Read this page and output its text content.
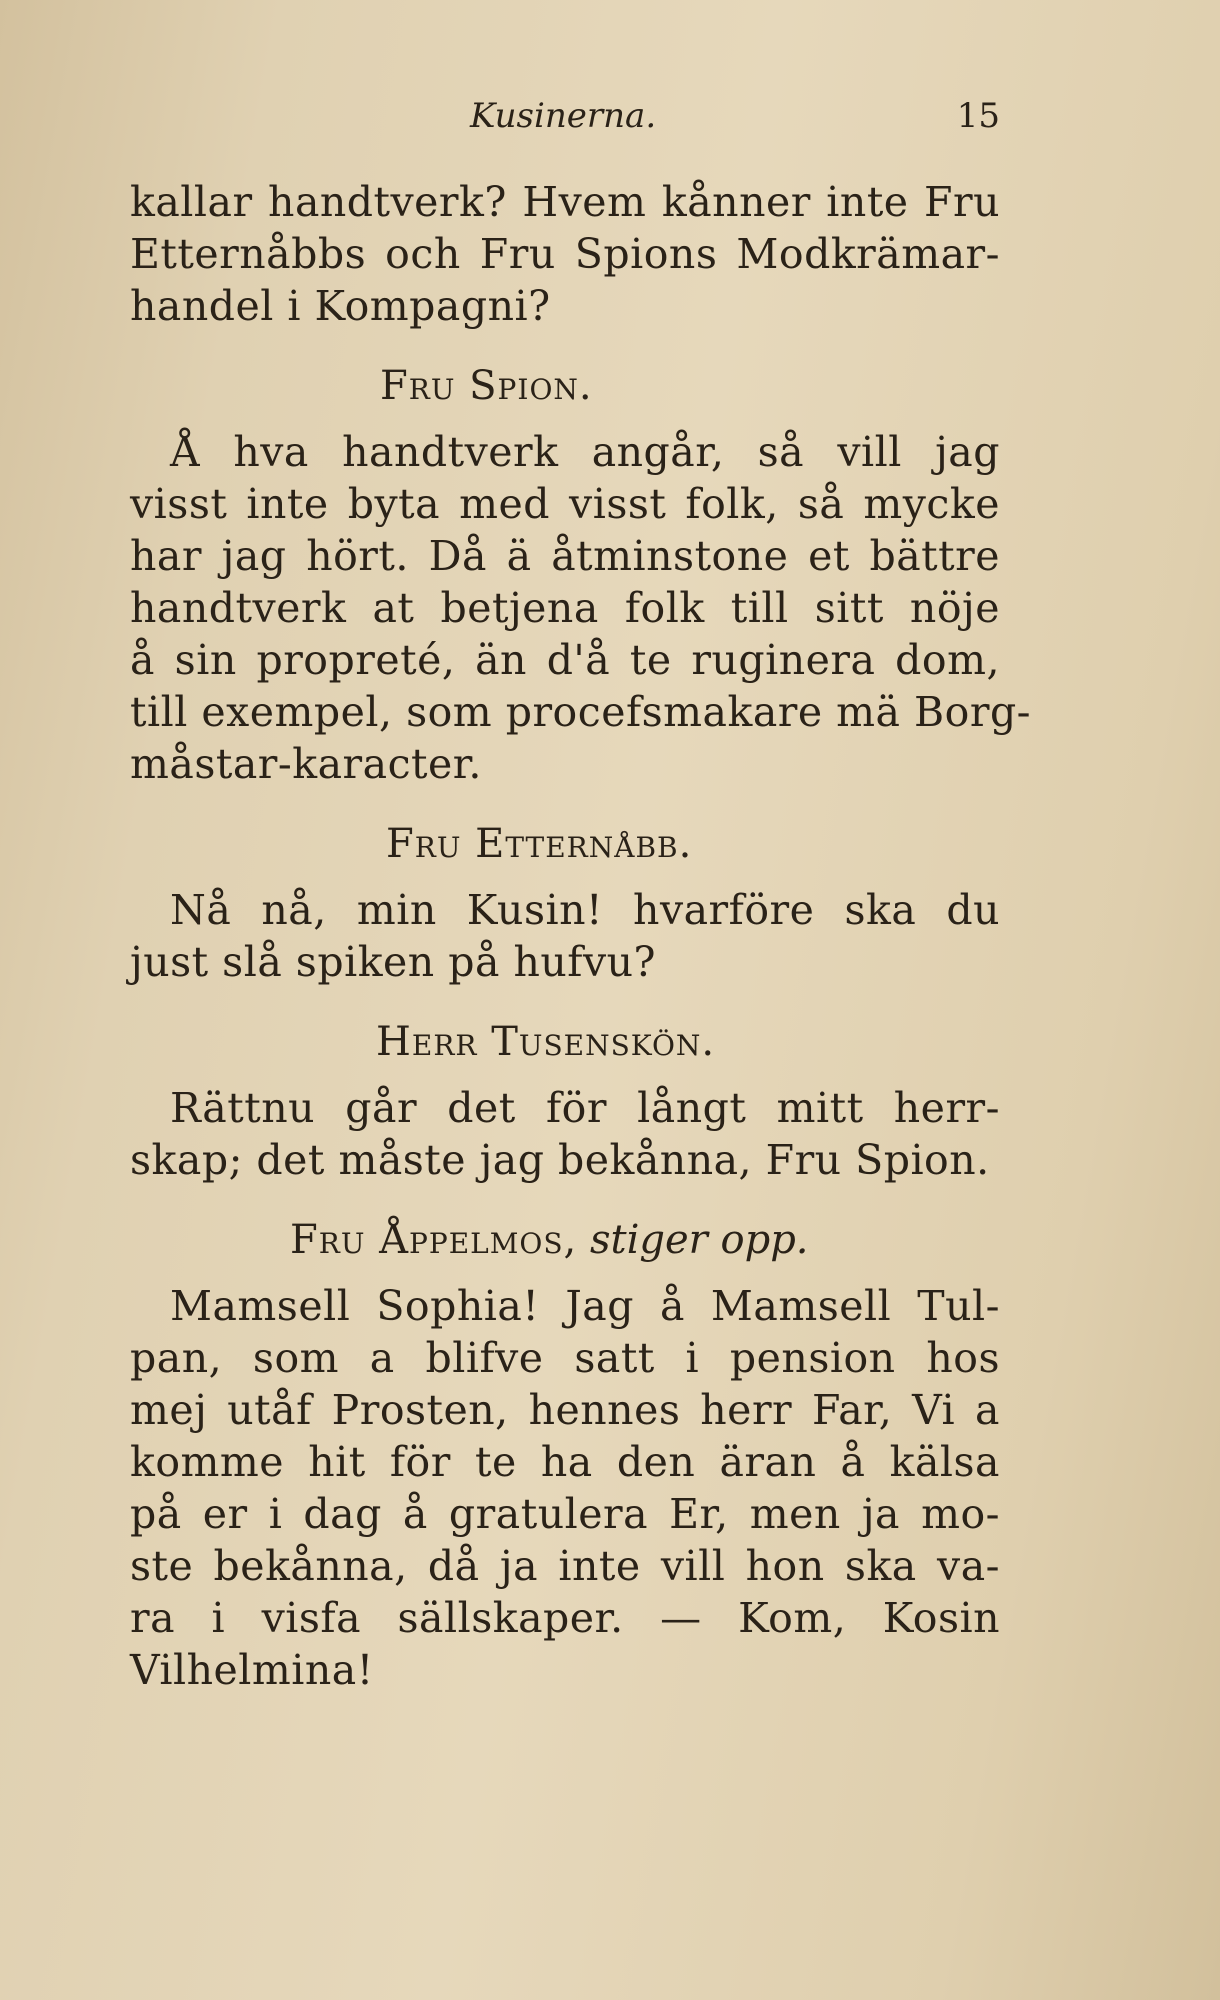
Kusinerna.	15
kallar handtverk? Hvem kånner inte Fru
Etternåbbs och Fru Spions Modkrämar-
handel i Kompagni?
Fru Spion.
Å hva handtverk angår, så vill jag
visst inte byta med visst folk, så mycke
har jag hört. Då ä åtminstone et bättre
handtverk at betjena folk till sitt nöje
å sin propreté, än d'å te ruginera dom,
till exempel, som procefsmakare mä Borg-
måstar-karacter.
Fru Etternåbb.
Nå nå, min Kusin! hvarföre ska du
just slå spiken på hufvu?
Herr Tusenskön.
Rättnu går det för långt mitt herr-
skap; det måste jag bekånna, Fru Spion.
Fru Åppelmos, stiger opp.
Mamsell Sophia! Jag å Mamsell Tul-
pan, som a blifve satt i pension hos
mej utåf Prosten, hennes herr Far, Vi a
komme hit för te ha den äran å kälsa
på er i dag å gratulera Er, men ja mo-
ste bekånna, då ja inte vill hon ska va-
ra i visfa sällskaper. — Kom, Kosin
Vilhelmina!
